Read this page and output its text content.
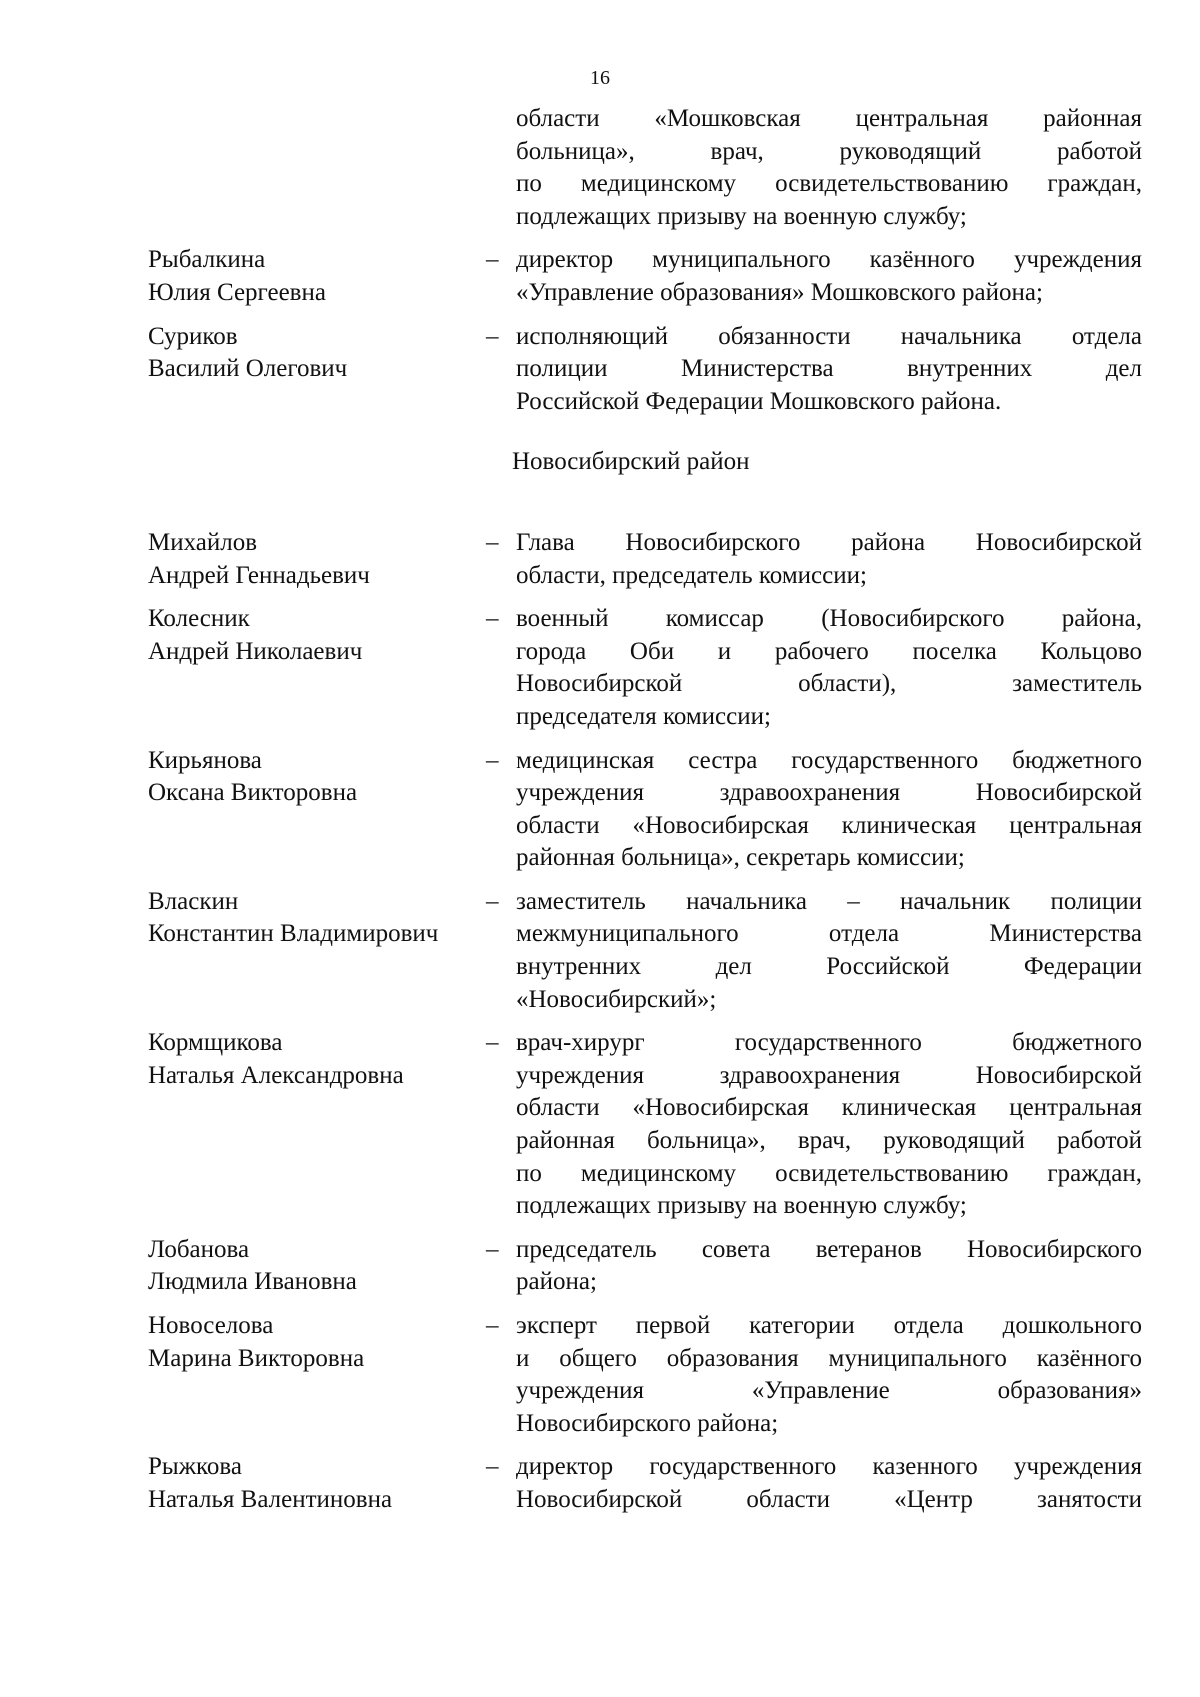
16
области «Мошковская центральная районная
больница», врач, руководящий работой
по медицинскому освидетельствованию граждан,
подлежащих призыву на военную службу;
Рыбалкина
Юлия Сергеевна
– директор муниципального казённого учреждения
«Управление образования» Мошковского района;
Суриков
Василий Олегович
– исполняющий обязанности начальника отдела
полиции Министерства внутренних дел
Российской Федерации Мошковского района.
Новосибирский район
Михайлов
Андрей Геннадьевич
– Глава Новосибирского района Новосибирской
области, председатель комиссии;
Колесник
Андрей Николаевич
– военный комиссар (Новосибирского района,
города Оби и рабочего поселка Кольцово
Новосибирской области), заместитель
председателя комиссии;
Кирьянова
Оксана Викторовна
– медицинская сестра государственного бюджетного
учреждения здравоохранения Новосибирской
области «Новосибирская клиническая центральная
районная больница», секретарь комиссии;
Власкин
Константин Владимирович
– заместитель начальника – начальник полиции
межмуниципального отдела Министерства
внутренних дел Российской Федерации
«Новосибирский»;
Кормщикова
Наталья Александровна
– врач-хирург государственного бюджетного
учреждения здравоохранения Новосибирской
области «Новосибирская клиническая центральная
районная больница», врач, руководящий работой
по медицинскому освидетельствованию граждан,
подлежащих призыву на военную службу;
Лобанова
Людмила Ивановна
– председатель совета ветеранов Новосибирского
района;
Новоселова
Марина Викторовна
– эксперт первой категории отдела дошкольного
и общего образования муниципального казённого
учреждения «Управление образования»
Новосибирского района;
Рыжкова
Наталья Валентиновна
– директор государственного казенного учреждения
Новосибирской области «Центр занятости
